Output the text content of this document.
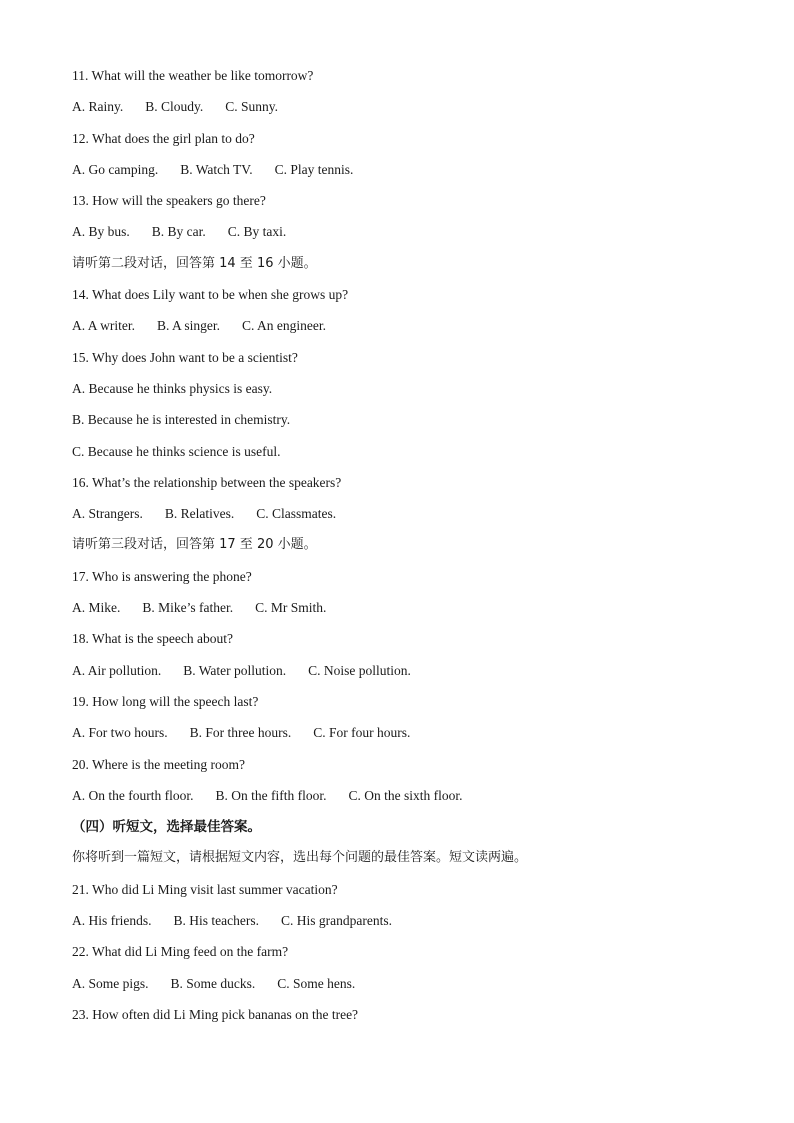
11. What will the weather be like tomorrow?
A. Rainy. B. Cloudy. C. Sunny.
12. What does the girl plan to do?
A. Go camping. B. Watch TV. C. Play tennis.
13. How will the speakers go there?
A. By bus. B. By car. C. By taxi.
请听第二段对话，回答第 14 至 16 小题。
14. What does Lily want to be when she grows up?
A. A writer. B. A singer. C. An engineer.
15. Why does John want to be a scientist?
A. Because he thinks physics is easy.
B. Because he is interested in chemistry.
C. Because he thinks science is useful.
16. What’s the relationship between the speakers?
A. Strangers. B. Relatives. C. Classmates.
请听第三段对话，回答第 17 至 20 小题。
17. Who is answering the phone?
A. Mike. B. Mike’s father. C. Mr Smith.
18. What is the speech about?
A. Air pollution. B. Water pollution. C. Noise pollution.
19. How long will the speech last?
A. For two hours. B. For three hours. C. For four hours.
20. Where is the meeting room?
A. On the fourth floor. B. On the fifth floor. C. On the sixth floor.
（四）听短文，选择最佳答案。
你将听到一篇短文，请根据短文内容，选出每个问题的最佳答案。短文读两遍。
21. Who did Li Ming visit last summer vacation?
A. His friends. B. His teachers. C. His grandparents.
22. What did Li Ming feed on the farm?
A. Some pigs. B. Some ducks. C. Some hens.
23. How often did Li Ming pick bananas on the tree?
